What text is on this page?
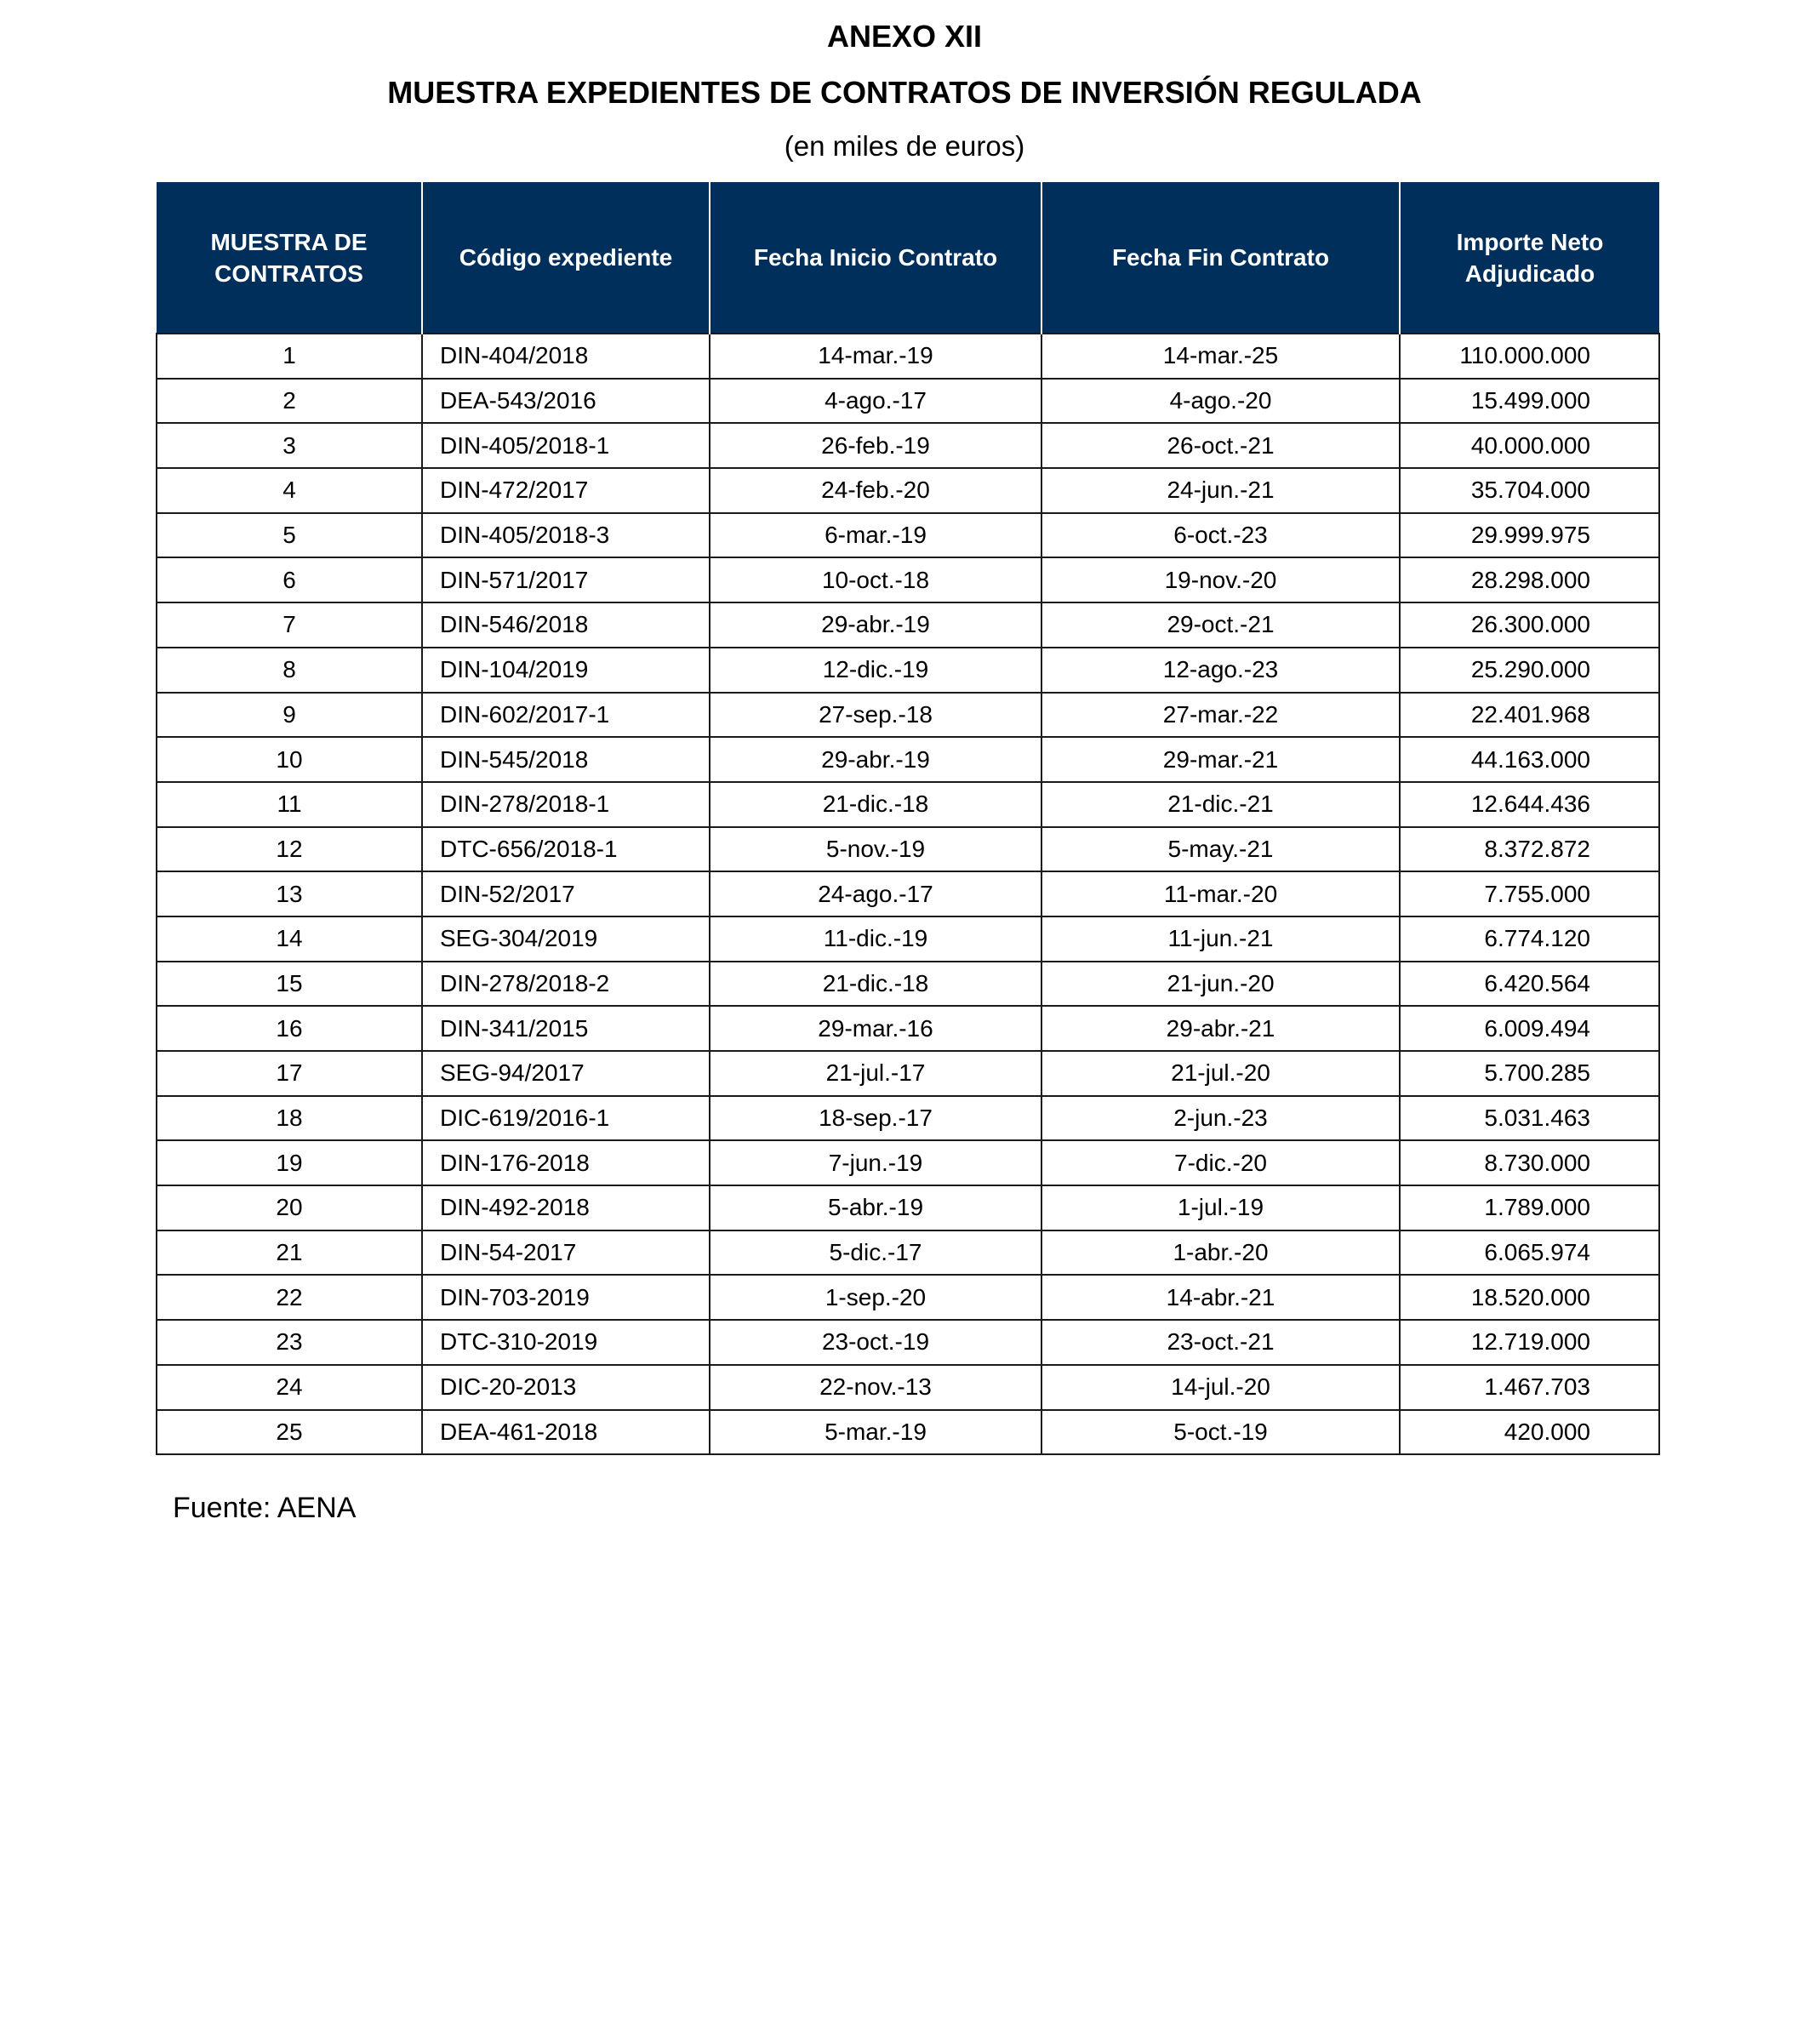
ANEXO XII
MUESTRA EXPEDIENTES DE CONTRATOS DE INVERSIÓN REGULADA
(en miles de euros)
MUESTRA DE CONTRATOS	Código expediente	Fecha Inicio Contrato	Fecha Fin Contrato	Importe Neto Adjudicado
1	DIN-404/2018	14-mar.-19	14-mar.-25	110.000.000
2	DEA-543/2016	4-ago.-17	4-ago.-20	15.499.000
3	DIN-405/2018-1	26-feb.-19	26-oct.-21	40.000.000
4	DIN-472/2017	24-feb.-20	24-jun.-21	35.704.000
5	DIN-405/2018-3	6-mar.-19	6-oct.-23	29.999.975
6	DIN-571/2017	10-oct.-18	19-nov.-20	28.298.000
7	DIN-546/2018	29-abr.-19	29-oct.-21	26.300.000
8	DIN-104/2019	12-dic.-19	12-ago.-23	25.290.000
9	DIN-602/2017-1	27-sep.-18	27-mar.-22	22.401.968
10	DIN-545/2018	29-abr.-19	29-mar.-21	44.163.000
11	DIN-278/2018-1	21-dic.-18	21-dic.-21	12.644.436
12	DTC-656/2018-1	5-nov.-19	5-may.-21	8.372.872
13	DIN-52/2017	24-ago.-17	11-mar.-20	7.755.000
14	SEG-304/2019	11-dic.-19	11-jun.-21	6.774.120
15	DIN-278/2018-2	21-dic.-18	21-jun.-20	6.420.564
16	DIN-341/2015	29-mar.-16	29-abr.-21	6.009.494
17	SEG-94/2017	21-jul.-17	21-jul.-20	5.700.285
18	DIC-619/2016-1	18-sep.-17	2-jun.-23	5.031.463
19	DIN-176-2018	7-jun.-19	7-dic.-20	8.730.000
20	DIN-492-2018	5-abr.-19	1-jul.-19	1.789.000
21	DIN-54-2017	5-dic.-17	1-abr.-20	6.065.974
22	DIN-703-2019	1-sep.-20	14-abr.-21	18.520.000
23	DTC-310-2019	23-oct.-19	23-oct.-21	12.719.000
24	DIC-20-2013	22-nov.-13	14-jul.-20	1.467.703
25	DEA-461-2018	5-mar.-19	5-oct.-19	420.000
Fuente: AENA
